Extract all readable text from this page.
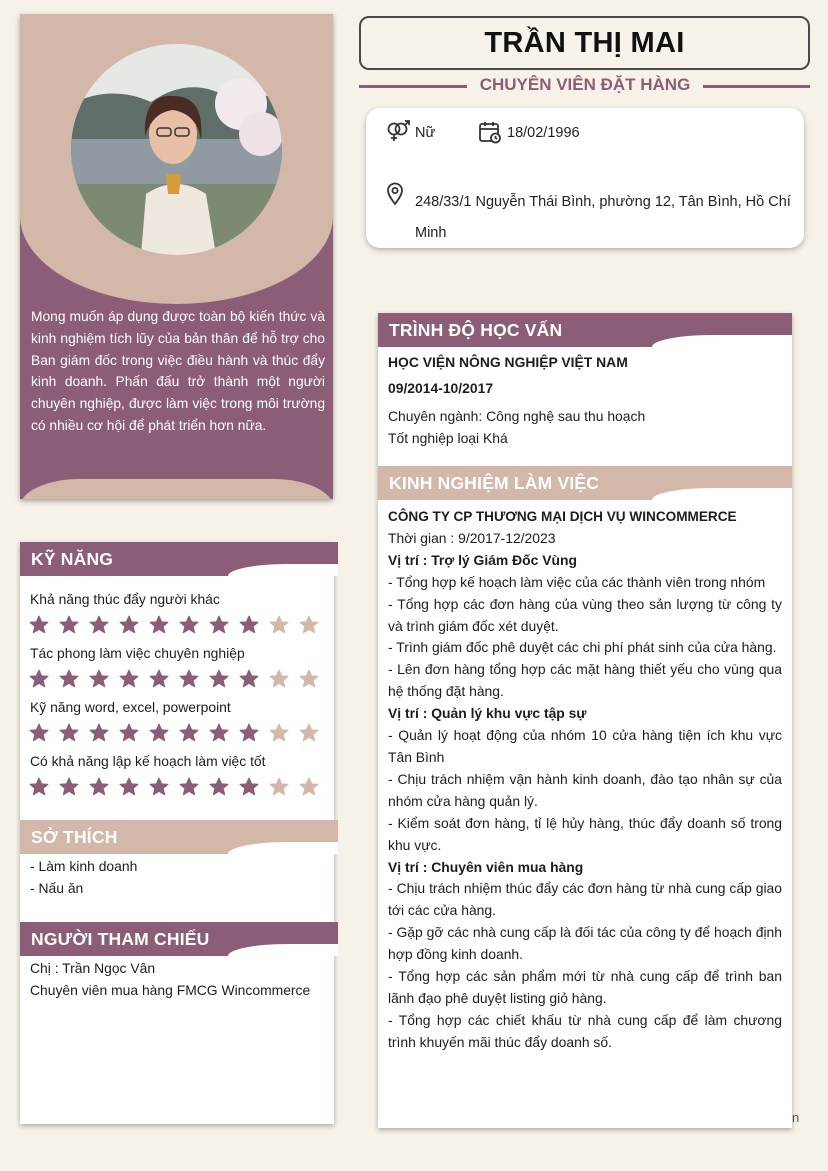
Mong muốn áp dụng được toàn bộ kiến thức và kinh nghiệm tích lũy của bản thân để hỗ trợ cho Ban giám đốc trong việc điều hành và thúc đẩy kinh doanh. Phấn đấu trở thành một người chuyên nghiệp, được làm việc trong môi trường có nhiều cơ hội để phát triển hơn nữa.

TRẦN THỊ MAI
CHUYÊN VIÊN ĐẶT HÀNG
Nữ	18/02/1996
248/33/1 Nguyễn Thái Bình, phường 12, Tân Bình, Hồ Chí
Minh
TRÌNH ĐỘ HỌC VẤN
HỌC VIỆN NÔNG NGHIỆP VIỆT NAM
09/2014-10/2017
Chuyên ngành: Công nghệ sau thu hoạch
Tốt nghiệp loại Khá
KINH NGHIỆM LÀM VIỆC
CÔNG TY CP THƯƠNG MẠI DỊCH VỤ WINCOMMERCE
Thời gian : 9/2017-12/2023
Vị trí : Trợ lý Giám Đốc Vùng
- Tổng hợp kế hoạch làm việc của các thành viên trong nhóm
- Tổng hợp các đơn hàng của vùng theo sản lượng từ công ty và trình giám đốc xét duyệt.
- Trình giám đốc phê duyệt các chi phí phát sinh của cửa hàng.
- Lên đơn hàng tổng hợp các mặt hàng thiết yếu cho vùng qua hệ thống đặt hàng.
Vị trí : Quản lý khu vực tập sự
- Quản lý hoạt động của nhóm 10 cửa hàng tiện ích khu vực Tân Bình
- Chịu trách nhiệm vận hành kinh doanh, đào tạo nhân sự của nhóm cửa hàng quản lý.
- Kiểm soát đơn hàng, tỉ lệ hủy hàng, thúc đẩy doanh số trong khu vực.
Vị trí : Chuyên viên mua hàng
- Chịu trách nhiệm thúc đẩy các đơn hàng từ nhà cung cấp giao tới các cửa hàng.
- Gặp gỡ các nhà cung cấp là đối tác của công ty để hoạch định hợp đồng kinh doanh.
- Tổng hợp các sản phẩm mới từ nhà cung cấp để trình ban lãnh đạo phê duyệt listing giỏ hàng.
- Tổng hợp các chiết khấu từ nhà cung cấp để làm chương trình khuyến mãi thúc đẩy doanh số.
KỸ NĂNG
Khả năng thúc đẩy người khác
Tác phong làm việc chuyên nghiệp
Kỹ năng word, excel, powerpoint
Có khả năng lập kế hoạch làm việc tốt
SỞ THÍCH
- Làm kinh doanh
- Nấu ăn
NGƯỜI THAM CHIẾU
Chị : Trần Ngọc Vân
Chuyên viên mua hàng FMCG Wincommerce
n
